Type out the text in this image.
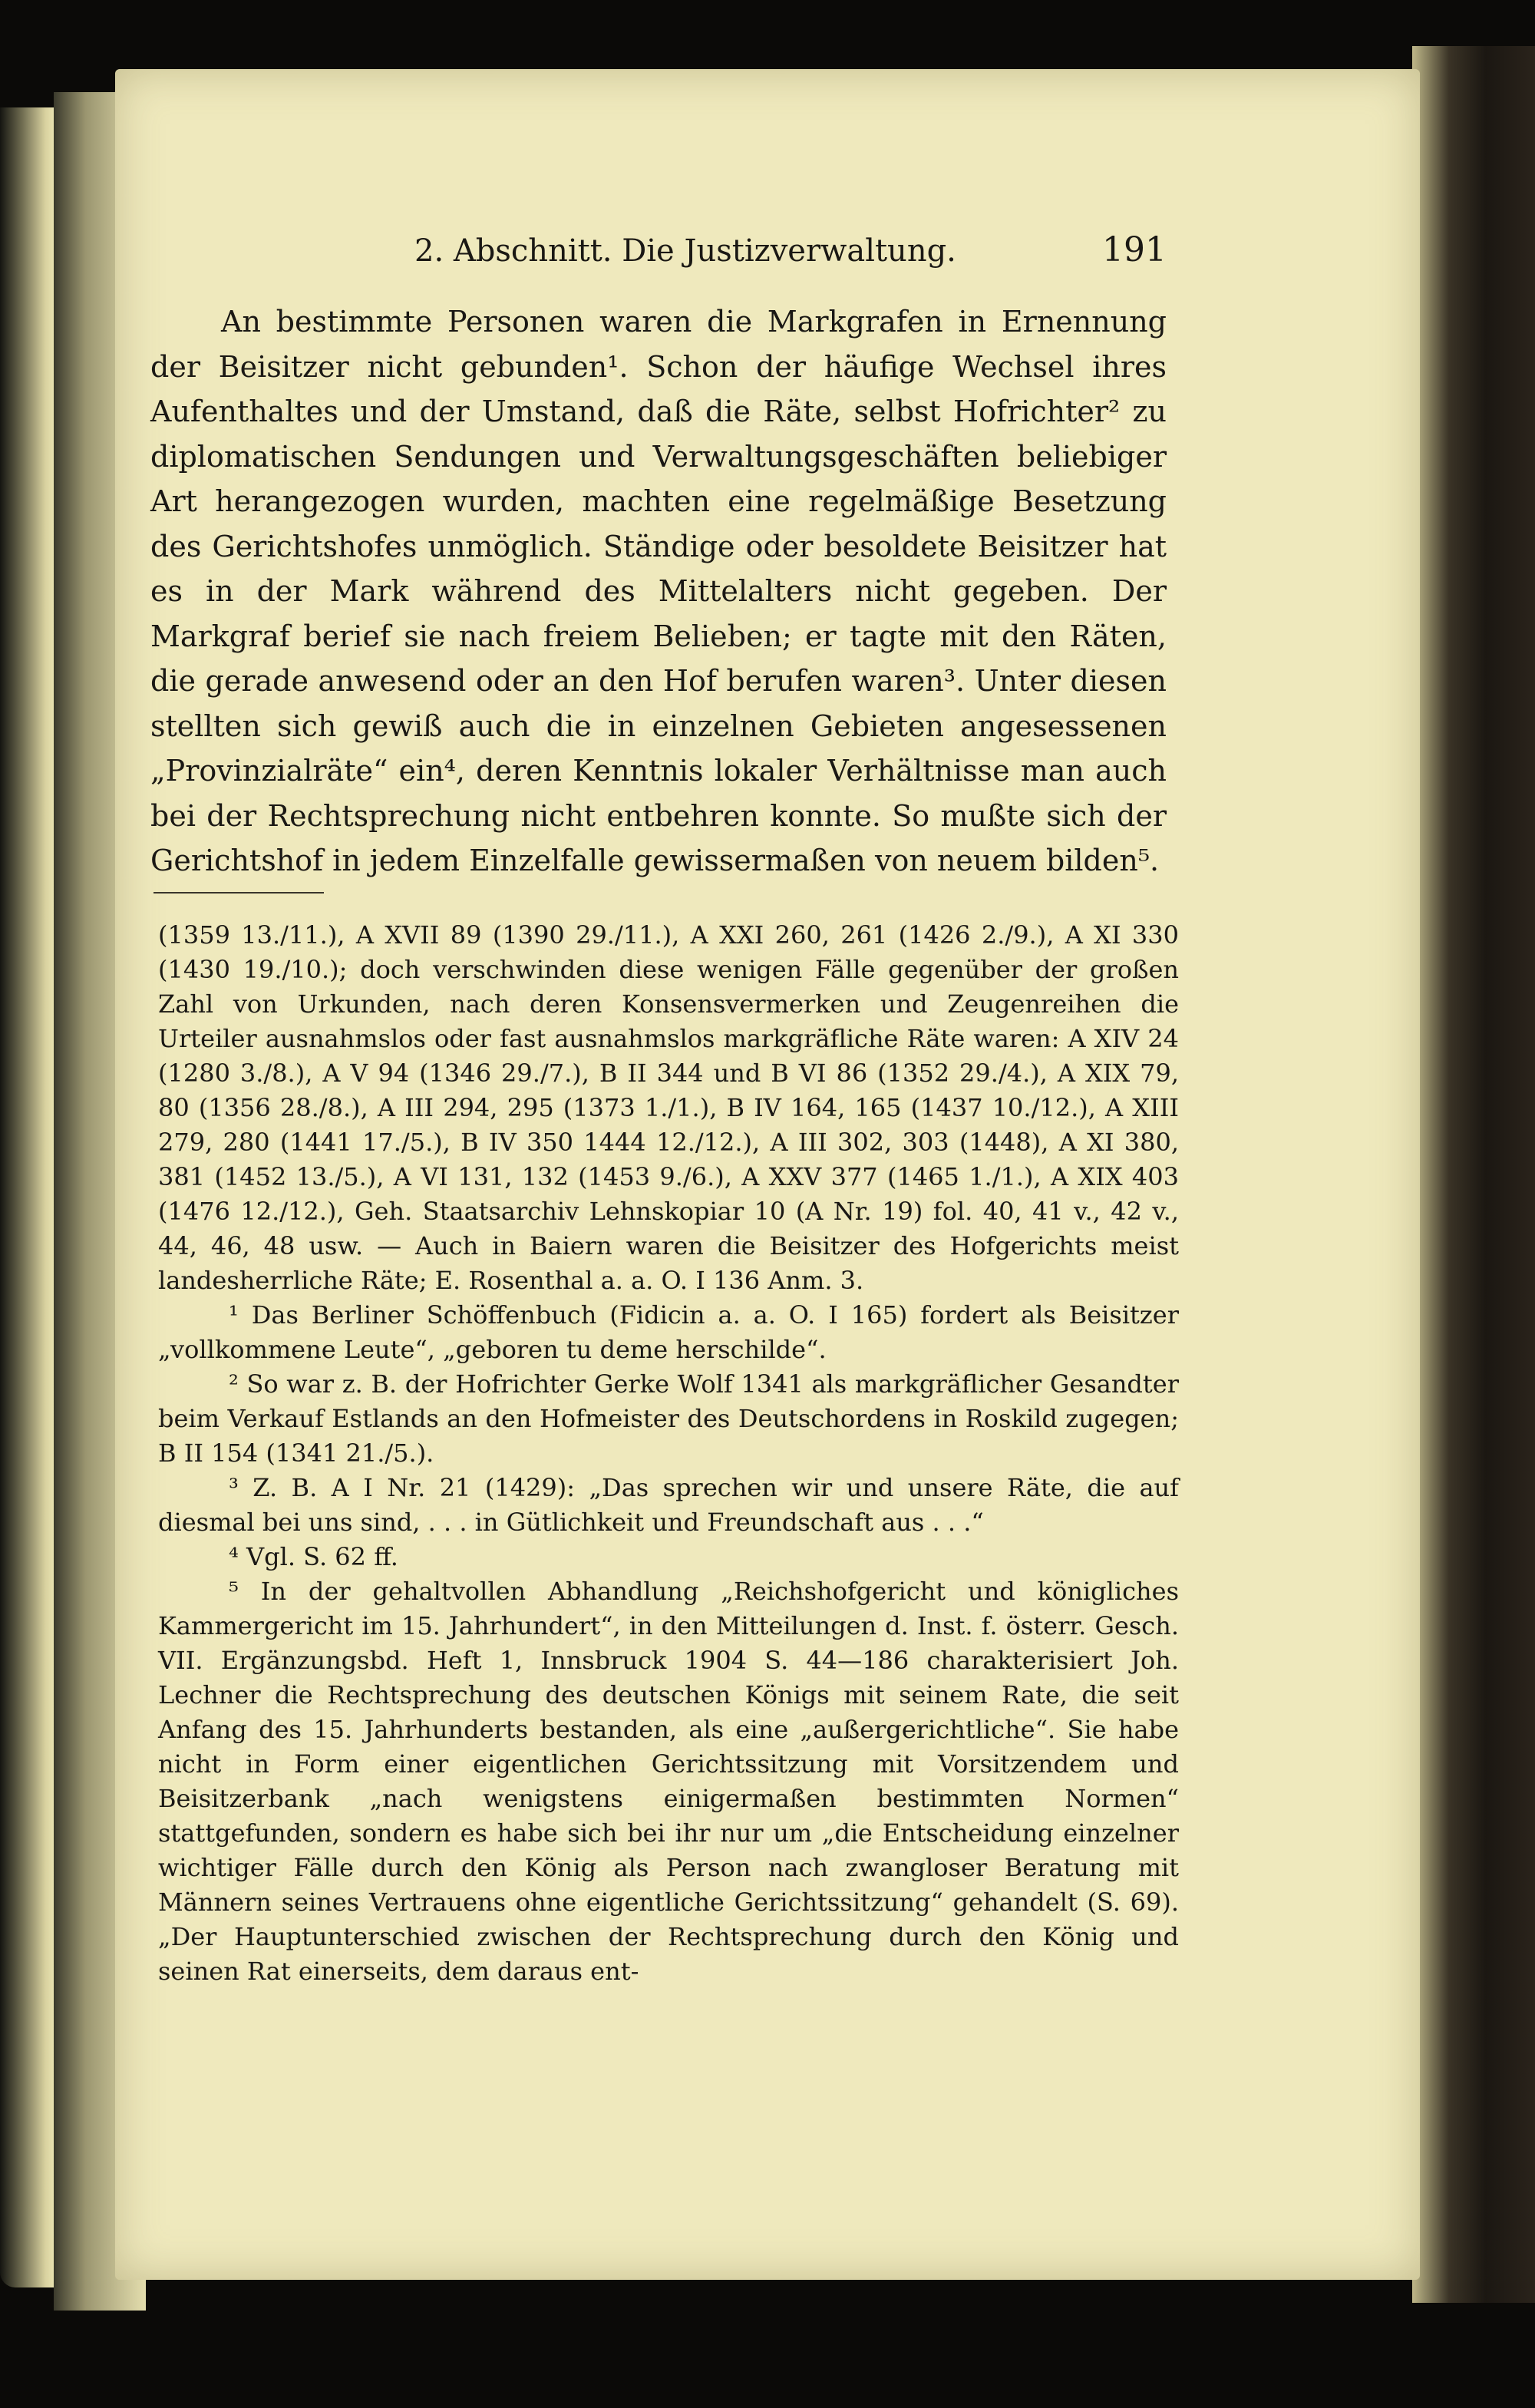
2. Abschnitt. Die Justizverwaltung.	191

An bestimmte Personen waren die Markgrafen in Ernennung der Beisitzer nicht gebunden¹. Schon der häufige Wechsel ihres Aufenthaltes und der Umstand, daß die Räte, selbst Hofrichter² zu diplomatischen Sendungen und Verwaltungsgeschäften beliebiger Art herangezogen wurden, machten eine regelmäßige Besetzung des Gerichtshofes unmöglich. Ständige oder besoldete Beisitzer hat es in der Mark während des Mittelalters nicht gegeben. Der Markgraf berief sie nach freiem Belieben; er tagte mit den Räten, die gerade anwesend oder an den Hof berufen waren³. Unter diesen stellten sich gewiß auch die in einzelnen Gebieten angesessenen „Provinzialräte“ ein⁴, deren Kenntnis lokaler Verhältnisse man auch bei der Rechtsprechung nicht entbehren konnte. So mußte sich der Gerichtshof in jedem Einzelfalle gewissermaßen von neuem bilden⁵.

(1359 13./11.), A XVII 89 (1390 29./11.), A XXI 260, 261 (1426 2./9.), A XI 330 (1430 19./10.); doch verschwinden diese wenigen Fälle gegenüber der großen Zahl von Urkunden, nach deren Konsensvermerken und Zeugenreihen die Urteiler ausnahmslos oder fast ausnahmslos markgräfliche Räte waren: A XIV 24 (1280 3./8.), A V 94 (1346 29./7.), B II 344 und B VI 86 (1352 29./4.), A XIX 79, 80 (1356 28./8.), A III 294, 295 (1373 1./1.), B IV 164, 165 (1437 10./12.), A XIII 279, 280 (1441 17./5.), B IV 350 1444 12./12.), A III 302, 303 (1448), A XI 380, 381 (1452 13./5.), A VI 131, 132 (1453 9./6.), A XXV 377 (1465 1./1.), A XIX 403 (1476 12./12.), Geh. Staatsarchiv Lehnskopiar 10 (A Nr. 19) fol. 40, 41 v., 42 v., 44, 46, 48 usw. — Auch in Baiern waren die Beisitzer des Hofgerichts meist landesherrliche Räte; E. Rosenthal a. a. O. I 136 Anm. 3.

¹ Das Berliner Schöffenbuch (Fidicin a. a. O. I 165) fordert als Beisitzer „vollkommene Leute“, „geboren tu deme herschilde“.

² So war z. B. der Hofrichter Gerke Wolf 1341 als markgräflicher Gesandter beim Verkauf Estlands an den Hofmeister des Deutschordens in Roskild zugegen; B II 154 (1341 21./5.).

³ Z. B. A I Nr. 21 (1429): „Das sprechen wir und unsere Räte, die auf diesmal bei uns sind, . . . in Gütlichkeit und Freundschaft aus . . .“

⁴ Vgl. S. 62 ff.

⁵ In der gehaltvollen Abhandlung „Reichshofgericht und königliches Kammergericht im 15. Jahrhundert“, in den Mitteilungen d. Inst. f. österr. Gesch. VII. Ergänzungsbd. Heft 1, Innsbruck 1904 S. 44—186 charakterisiert Joh. Lechner die Rechtsprechung des deutschen Königs mit seinem Rate, die seit Anfang des 15. Jahrhunderts bestanden, als eine „außergerichtliche“. Sie habe nicht in Form einer eigentlichen Gerichtssitzung mit Vorsitzendem und Beisitzerbank „nach wenigstens einigermaßen bestimmten Normen“ stattgefunden, sondern es habe sich bei ihr nur um „die Entscheidung einzelner wichtiger Fälle durch den König als Person nach zwangloser Beratung mit Männern seines Vertrauens ohne eigentliche Gerichtssitzung“ gehandelt (S. 69). „Der Hauptunterschied zwischen der Rechtsprechung durch den König und seinen Rat einerseits, dem daraus ent-
